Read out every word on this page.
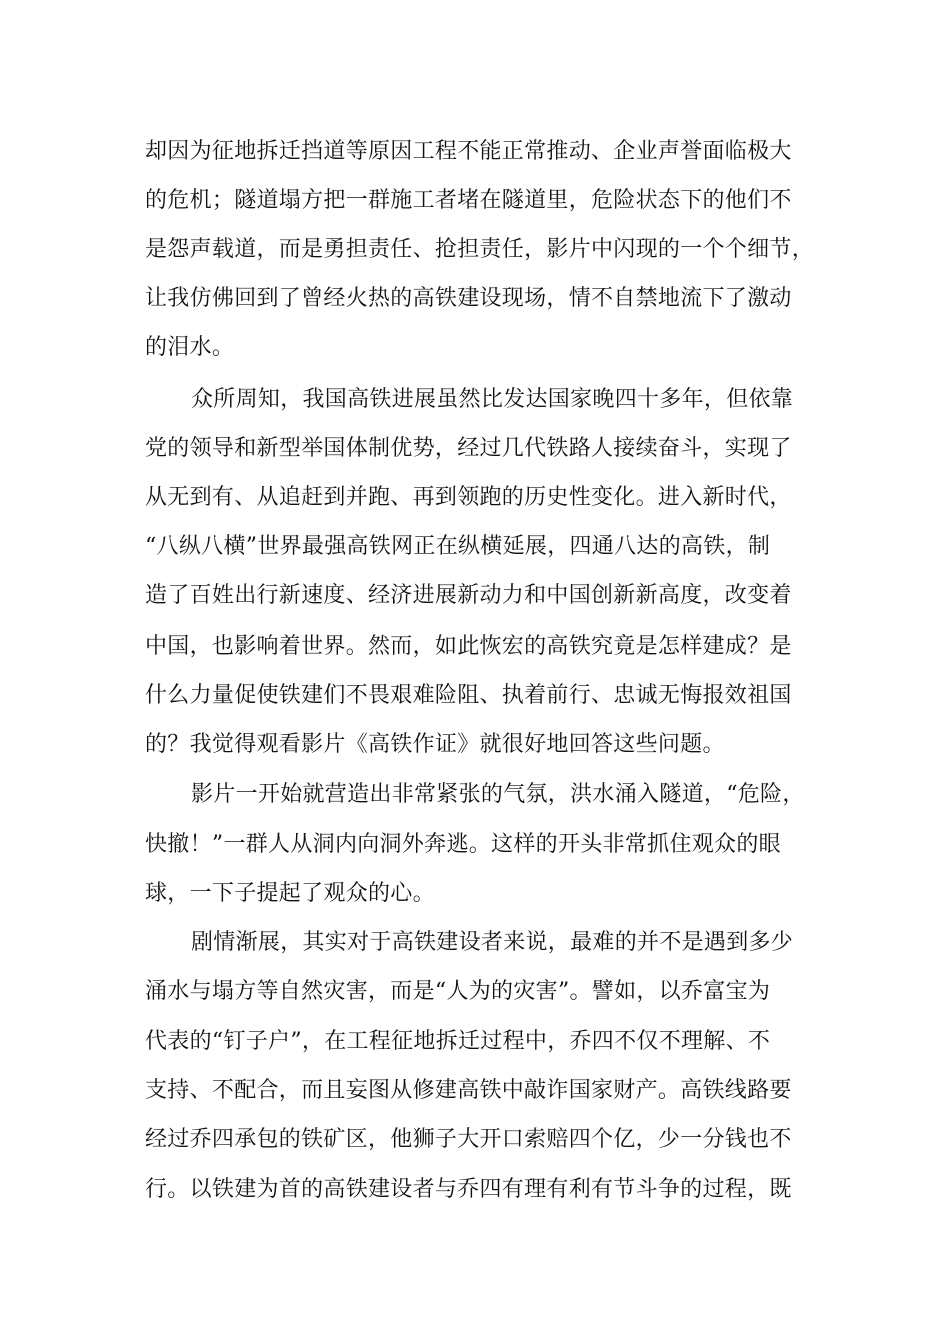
却因为征地拆迁挡道等原因工程不能正常推动、企业声誉面临极大
的危机；隧道塌方把一群施工者堵在隧道里，危险状态下的他们不
是怨声载道，而是勇担责任、抢担责任，影片中闪现的一个个细节，
让我仿佛回到了曾经火热的高铁建设现场，情不自禁地流下了激动
的泪水。
众所周知，我国高铁进展虽然比发达国家晚四十多年，但依靠
党的领导和新型举国体制优势，经过几代铁路人接续奋斗，实现了
从无到有、从追赶到并跑、再到领跑的历史性变化。进入新时代，
“八纵八横”世界最强高铁网正在纵横延展，四通八达的高铁，制
造了百姓出行新速度、经济进展新动力和中国创新新高度，改变着
中国，也影响着世界。然而，如此恢宏的高铁究竟是怎样建成？是
什么力量促使铁建们不畏艰难险阻、执着前行、忠诚无悔报效祖国
的？我觉得观看影片《高铁作证》就很好地回答这些问题。
影片一开始就营造出非常紧张的气氛，洪水涌入隧道，“危险，
快撤！”一群人从洞内向洞外奔逃。这样的开头非常抓住观众的眼
球，一下子提起了观众的心。
剧情渐展，其实对于高铁建设者来说，最难的并不是遇到多少
涌水与塌方等自然灾害，而是“人为的灾害”。譬如，以乔富宝为
代表的“钉子户”，在工程征地拆迁过程中，乔四不仅不理解、不
支持、不配合，而且妄图从修建高铁中敲诈国家财产。高铁线路要
经过乔四承包的铁矿区，他狮子大开口索赔四个亿，少一分钱也不
行。以铁建为首的高铁建设者与乔四有理有利有节斗争的过程，既
